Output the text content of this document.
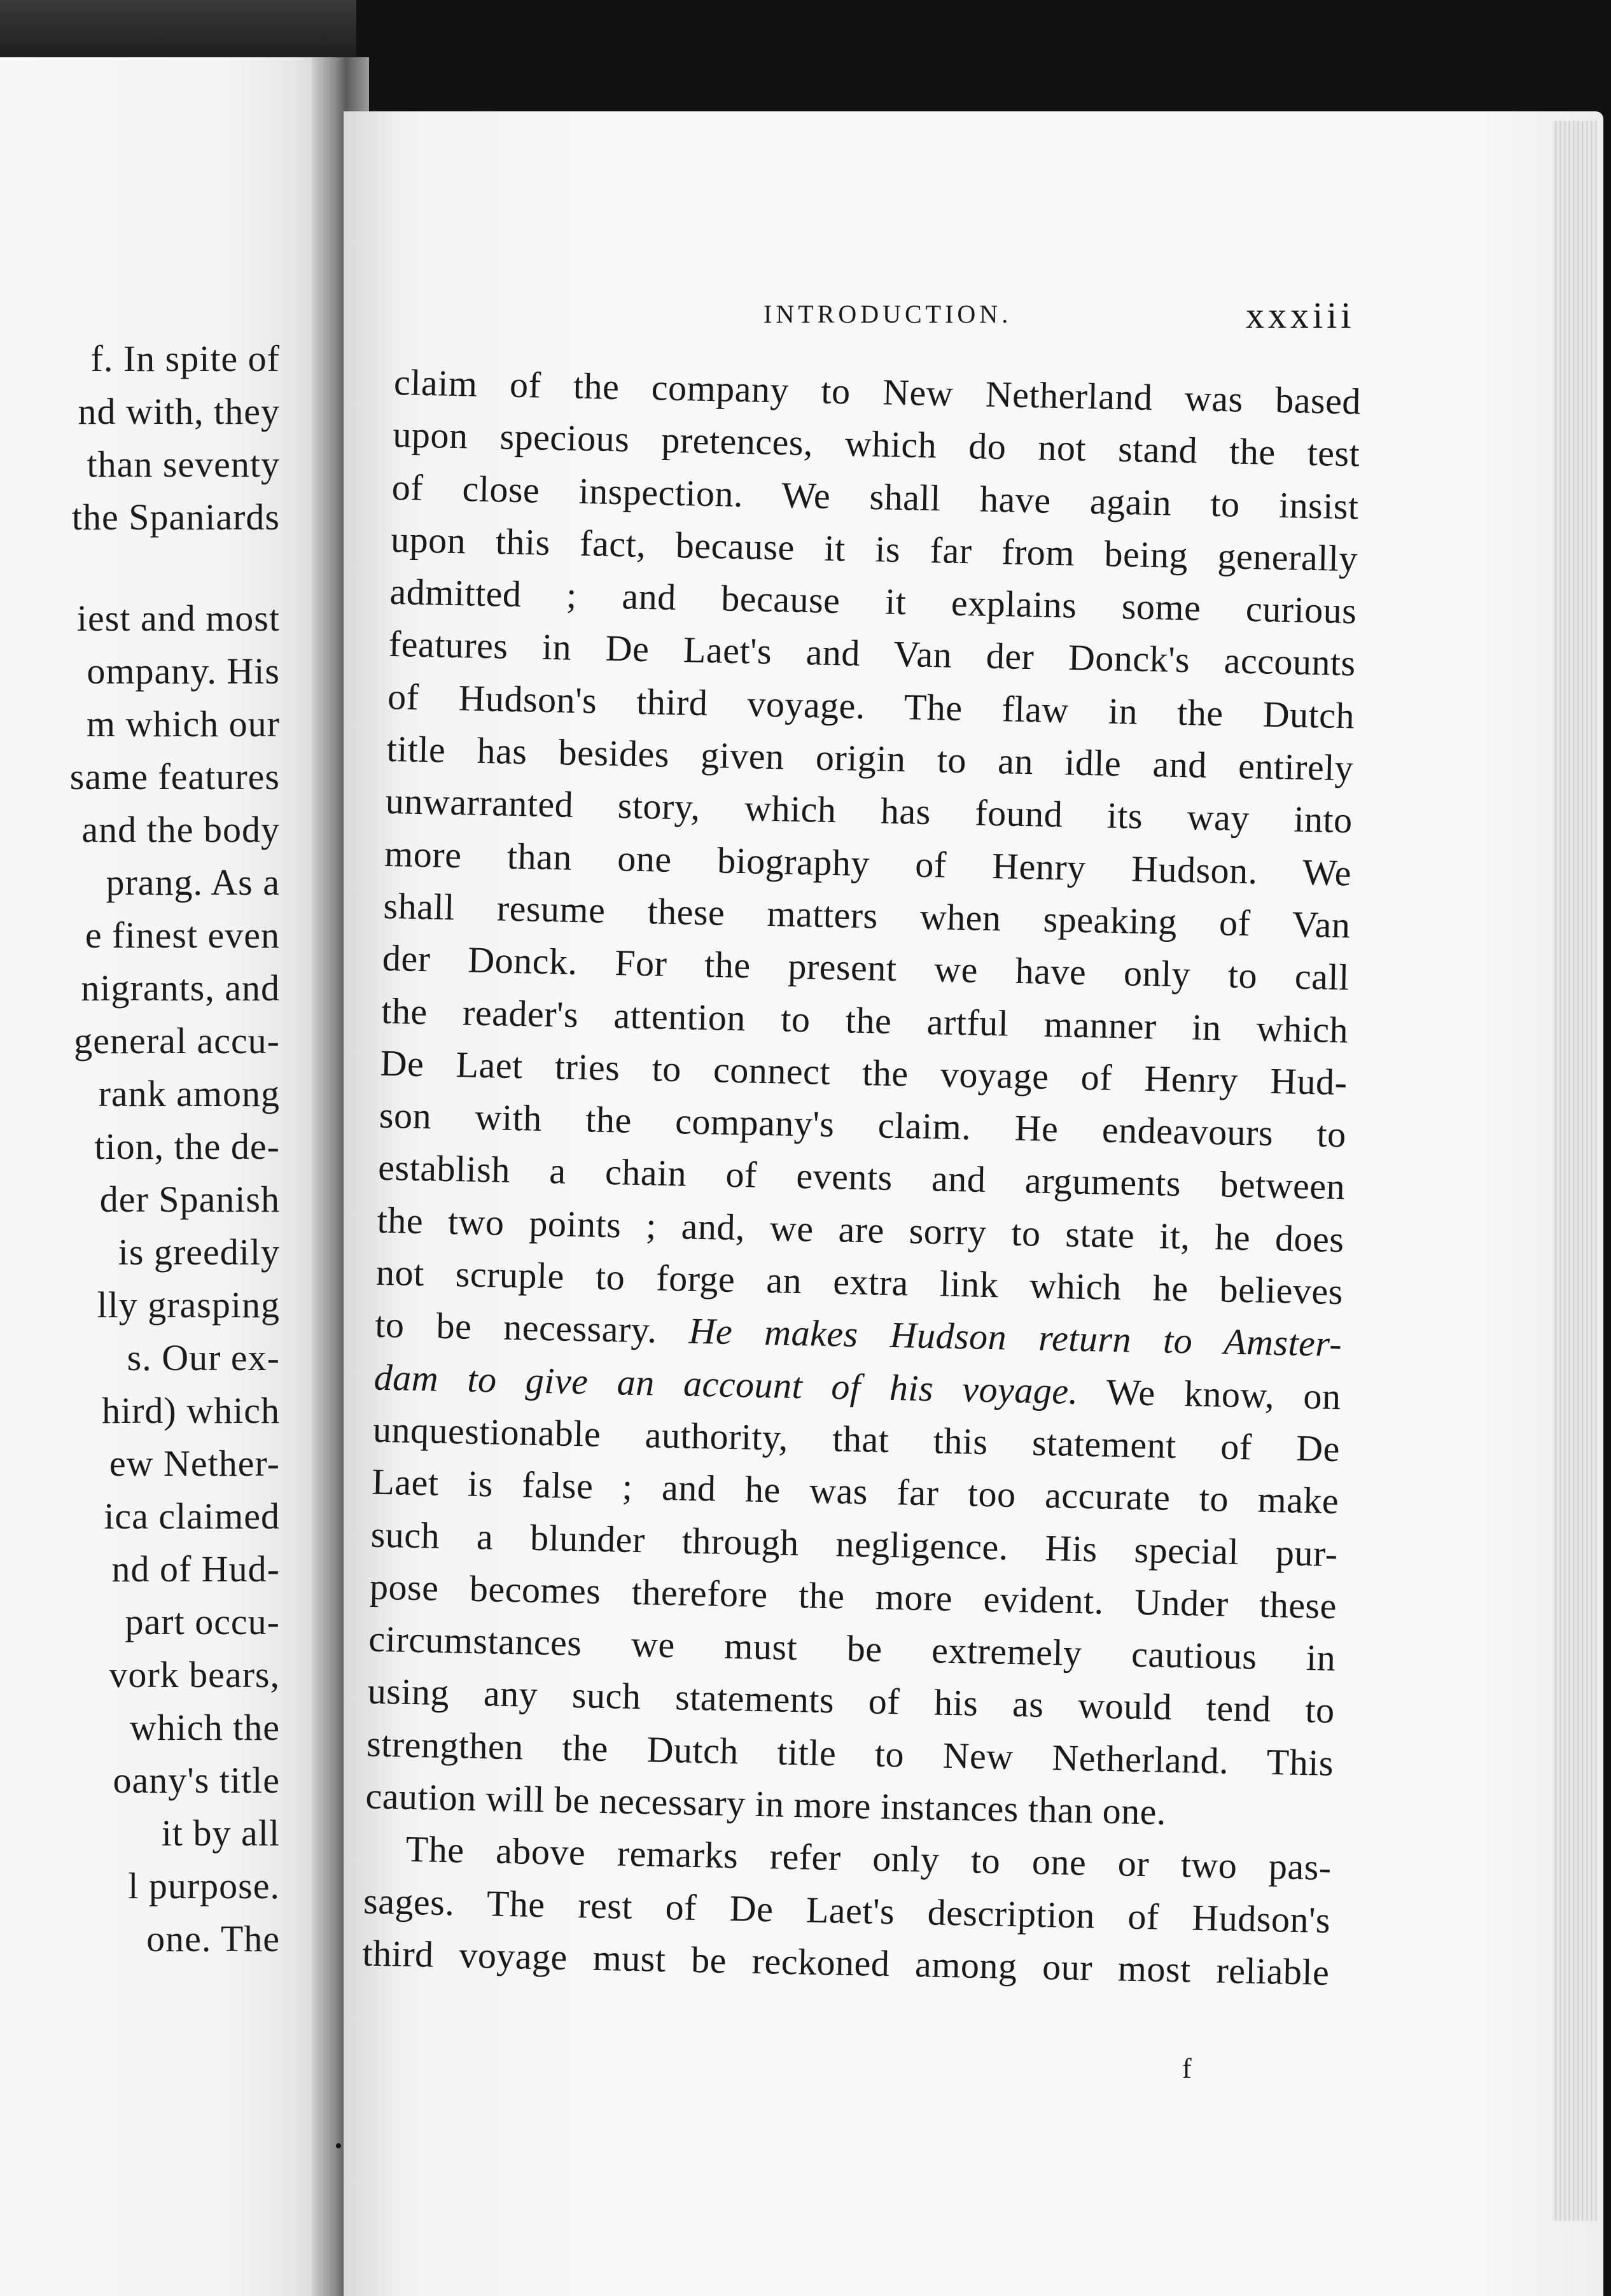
f. In spite of
nd with, they
than seventy
the Spaniards
iest and most
ompany. His
m which our
same features
and the body
prang. As a
e finest even
nigrants, and
general accu-
rank among
tion, the de-
der Spanish
is greedily
lly grasping
s. Our ex-
hird) which
ew Nether-
ica claimed
nd of Hud-
part occu-
vork bears,
which the
oany's title
it by all
l purpose.
one. The
INTRODUCTION.	xxxiii
claim of the company to New Netherland was based
upon specious pretences, which do not stand the test
of close inspection. We shall have again to insist
upon this fact, because it is far from being generally
admitted ; and because it explains some curious
features in De Laet's and Van der Donck's accounts
of Hudson's third voyage. The flaw in the Dutch
title has besides given origin to an idle and entirely
unwarranted story, which has found its way into
more than one biography of Henry Hudson. We
shall resume these matters when speaking of Van
der Donck. For the present we have only to call
the reader's attention to the artful manner in which
De Laet tries to connect the voyage of Henry Hud-
son with the company's claim. He endeavours to
establish a chain of events and arguments between
the two points ; and, we are sorry to state it, he does
not scruple to forge an extra link which he believes
to be necessary. He makes Hudson return to Amster-
dam to give an account of his voyage. We know, on
unquestionable authority, that this statement of De
Laet is false ; and he was far too accurate to make
such a blunder through negligence. His special pur-
pose becomes therefore the more evident. Under these
circumstances we must be extremely cautious in
using any such statements of his as would tend to
strengthen the Dutch title to New Netherland. This
caution will be necessary in more instances than one.
The above remarks refer only to one or two pas-
sages. The rest of De Laet's description of Hudson's
third voyage must be reckoned among our most reliable
f
